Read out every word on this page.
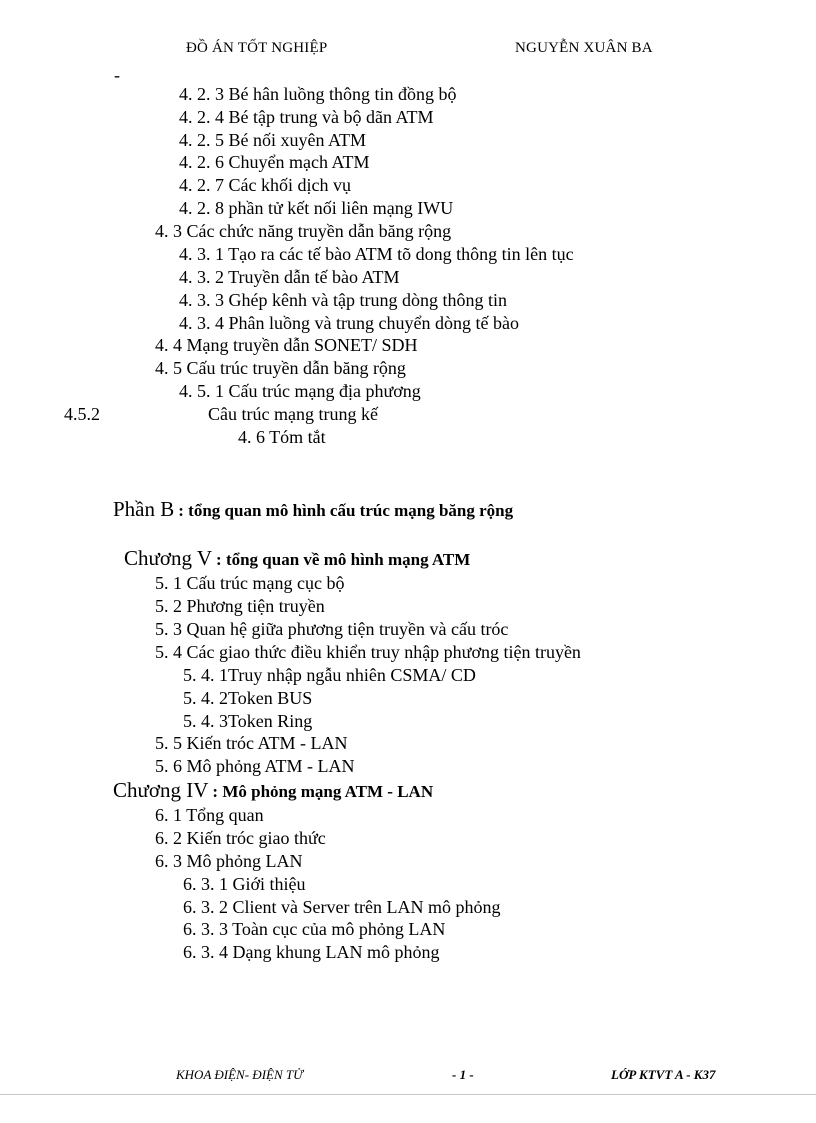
ĐỒ ÁN TỐT NGHIỆP	NGUYỄN XUÂN BA
-
4. 2. 3 Bé hân luồng thông tin đồng bộ
4. 2. 4 Bé tập trung và bộ dãn ATM
4. 2. 5 Bé nối xuyên ATM
4. 2. 6 Chuyển mạch ATM
4. 2. 7 Các khối dịch vụ
4. 2. 8 phần tử kết nối liên mạng IWU
4. 3 Các chức năng truyền dẫn băng rộng
4. 3. 1 Tạo ra các tế bào ATM tõ dong thông tin lên tục
4. 3. 2 Truyền dẫn tế bào ATM
4. 3. 3 Ghép kênh và tập trung dòng thông tin
4. 3. 4 Phân luồng và trung chuyển dòng tế bào
4. 4 Mạng truyền dẫn SONET/ SDH
4. 5 Cấu trúc truyền dẫn băng rộng
4. 5. 1 Cấu trúc mạng địa phương
4.5.2	Câu trúc mạng trung kế
4. 6 Tóm tắt
Phần B : tổng quan mô hình cấu trúc mạng băng rộng
Chương V : tổng quan về mô hình mạng ATM
5. 1 Cấu trúc mạng cục bộ
5. 2 Phương tiện truyền
5. 3 Quan hệ giữa phương tiện truyền và cấu tróc
5. 4 Các giao thức điều khiển truy nhập phương tiện truyền
5. 4. 1Truy nhập ngẫu nhiên CSMA/ CD
5. 4. 2Token BUS
5. 4. 3Token Ring
5. 5 Kiến tróc ATM - LAN
5. 6 Mô phỏng ATM - LAN
Chương IV : Mô phỏng mạng ATM - LAN
6. 1 Tổng quan
6. 2 Kiến tróc giao thức
6. 3 Mô phỏng LAN
6. 3. 1 Giới thiệu
6. 3. 2 Client và Server trên LAN mô phỏng
6. 3. 3 Toàn cục của mô phỏng LAN
6. 3. 4 Dạng khung LAN mô phỏng
KHOA ĐIỆN- ĐIỆN TỬ	- 1 -	LỚP KTVT A - K37
